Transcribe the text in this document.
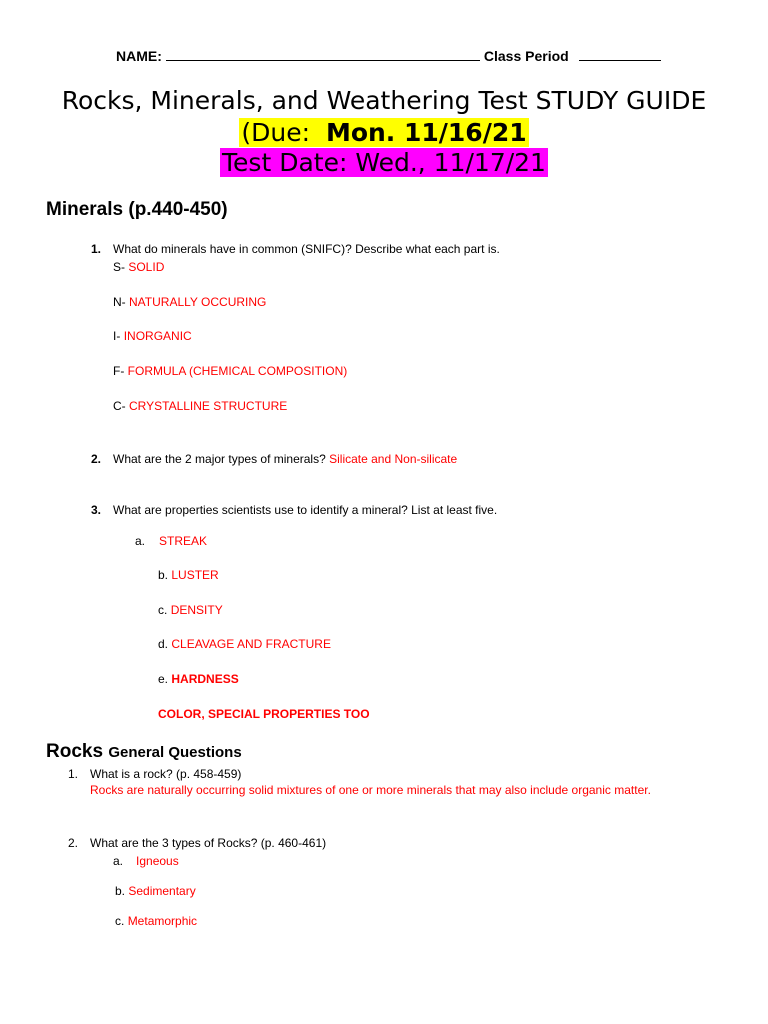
NAME:	Class Period
Rocks, Minerals, and Weathering Test STUDY GUIDE
(Due: Mon. 11/16/21
Test Date: Wed., 11/17/21
Minerals (p.440-450)
1. What do minerals have in common (SNIFC)? Describe what each part is.
S- SOLID
N- NATURALLY OCCURING
I- INORGANIC
F- FORMULA (CHEMICAL COMPOSITION)
C- CRYSTALLINE STRUCTURE
2. What are the 2 major types of minerals? Silicate and Non-silicate
3. What are properties scientists use to identify a mineral? List at least five.
a. STREAK
b. LUSTER
c. DENSITY
d. CLEAVAGE AND FRACTURE
e. HARDNESS
COLOR, SPECIAL PROPERTIES TOO
Rocks General Questions
1. What is a rock? (p. 458-459)
Rocks are naturally occurring solid mixtures of one or more minerals that may also include organic matter.
2. What are the 3 types of Rocks? (p. 460-461)
a. Igneous
b. Sedimentary
c. Metamorphic
